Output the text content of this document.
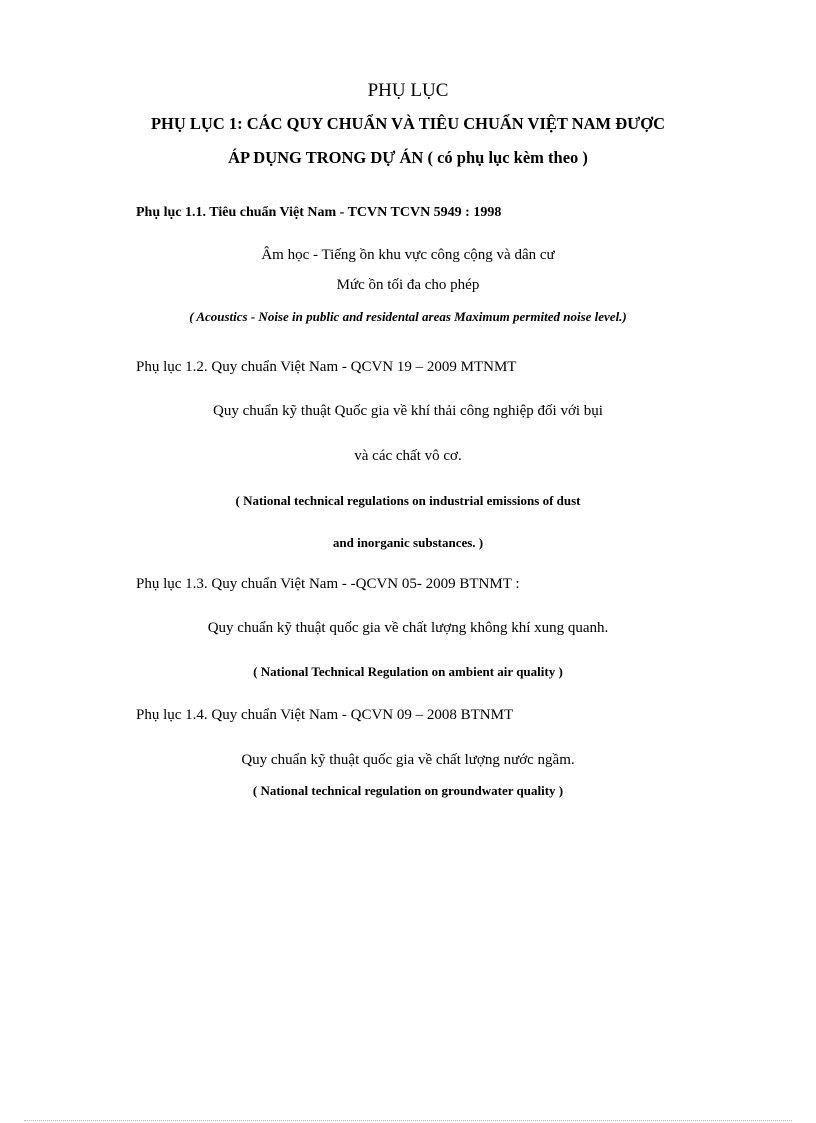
PHỤ LỤC
PHỤ LỤC 1: CÁC QUY CHUẨN VÀ TIÊU CHUẨN VIỆT NAM ĐƯỢC
ÁP DỤNG TRONG DỰ ÁN ( có phụ lục kèm theo )
Phụ lục 1.1. Tiêu chuẩn Việt Nam - TCVN TCVN 5949 : 1998
Âm học - Tiếng ồn khu vực công cộng và dân cư
Mức ồn tối đa cho phép
( Acoustics - Noise in public and residental areas Maximum permited noise level.)
Phụ lục 1.2. Quy chuẩn Việt Nam - QCVN 19 – 2009 MTNMT
Quy chuẩn kỹ thuật Quốc gia về khí thải công nghiệp đối với bụi
và các chất vô cơ.
( National technical regulations on industrial emissions of dust
and inorganic substances. )
Phụ lục 1.3. Quy chuẩn Việt Nam - -QCVN 05- 2009 BTNMT :
Quy chuẩn kỹ thuật quốc gia về chất lượng không khí xung quanh.
( National Technical Regulation on ambient air quality )
Phụ lục 1.4. Quy chuẩn Việt Nam - QCVN 09 – 2008 BTNMT
Quy chuẩn kỹ thuật quốc gia về chất lượng nước ngầm.
( National technical regulation on groundwater quality )
